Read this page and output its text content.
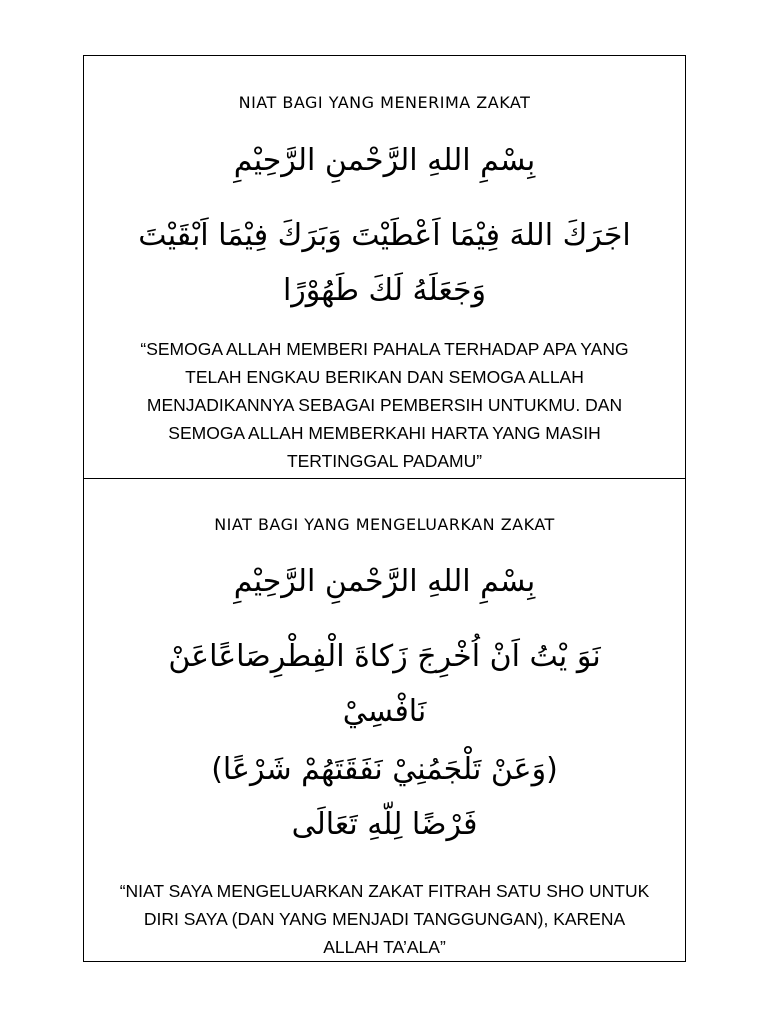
NIAT BAGI YANG MENERIMA ZAKAT
بِسْمِ اللهِ الرَّحْمنِ الرَّحِيْمِ
اجَرَكَ اللهَ فِيْمَا اَعْطَيْتَ وَبَرَكَ فِيْمَا اَبْقَيْتَ
وَجَعَلَهُ لَكَ طَهُوْرًا
“SEMOGA ALLAH MEMBERI PAHALA TERHADAP APA YANG
TELAH ENGKAU BERIKAN DAN SEMOGA ALLAH
MENJADIKANNYA SEBAGAI PEMBERSIH UNTUKMU. DAN
SEMOGA ALLAH MEMBERKAHI HARTA YANG MASIH
TERTINGGAL PADAMU”
NIAT BAGI YANG MENGELUARKAN ZAKAT
بِسْمِ اللهِ الرَّحْمنِ الرَّحِيْمِ
نَوَ يْتُ اَنْ اُخْرِجَ زَكاةَ الْفِطْرِصَاعًاعَنْ
نَافْسِيْ
(وَعَنْ تَلْجَمُنِيْ نَفَقَتَهُمْ شَرْعًا)
فَرْضًا لِلّهِ تَعَالَى
“NIAT SAYA MENGELUARKAN ZAKAT FITRAH SATU SHO UNTUK
DIRI SAYA (DAN YANG MENJADI TANGGUNGAN), KARENA
ALLAH TA’ALA”
